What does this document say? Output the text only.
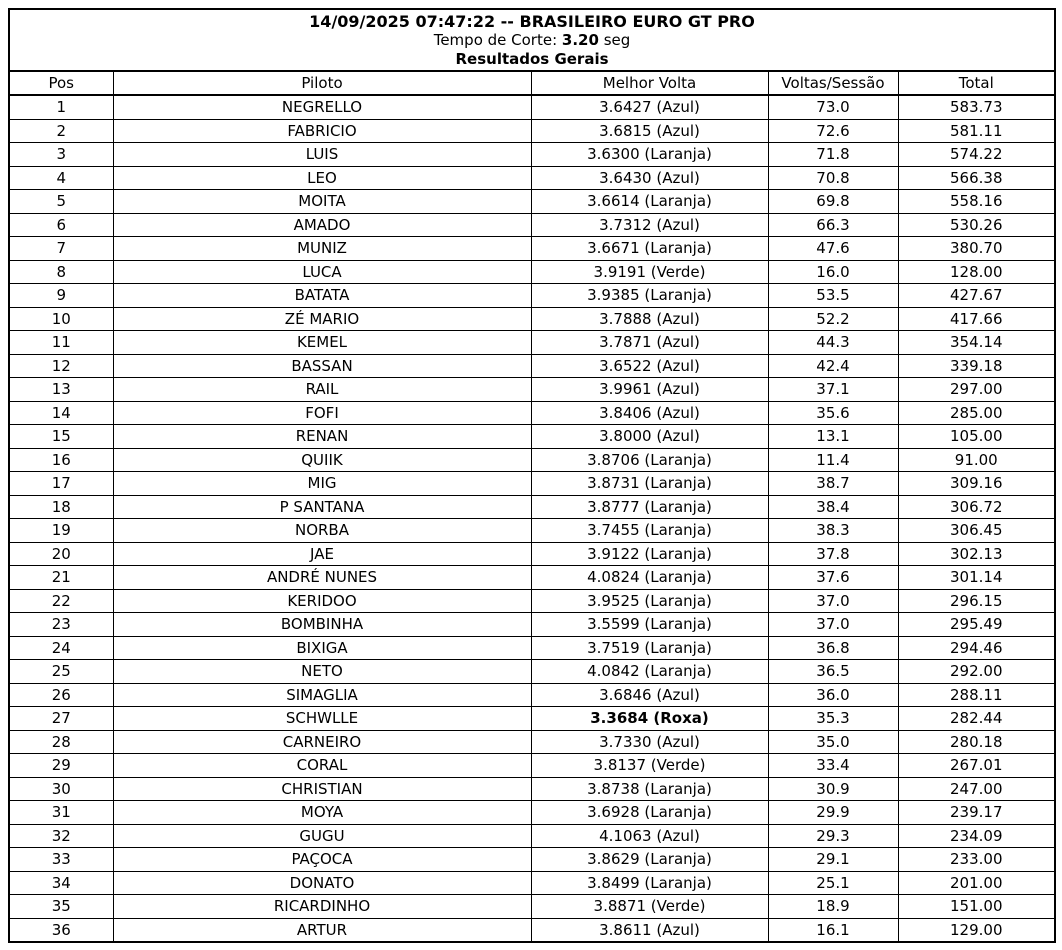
14/09/2025 07:47:22 -- BRASILEIRO EURO GT PRO
Tempo de Corte: 3.20 seg
Resultados Gerais				

Pos	Piloto	Melhor Volta	Voltas/Sessão	Total
1	NEGRELLO	3.6427 (Azul)	73.0	583.73
2	FABRICIO	3.6815 (Azul)	72.6	581.11
3	LUIS	3.6300 (Laranja)	71.8	574.22
4	LEO	3.6430 (Azul)	70.8	566.38
5	MOITA	3.6614 (Laranja)	69.8	558.16
6	AMADO	3.7312 (Azul)	66.3	530.26
7	MUNIZ	3.6671 (Laranja)	47.6	380.70
8	LUCA	3.9191 (Verde)	16.0	128.00
9	BATATA	3.9385 (Laranja)	53.5	427.67
10	ZÉ MARIO	3.7888 (Azul)	52.2	417.66
11	KEMEL	3.7871 (Azul)	44.3	354.14
12	BASSAN	3.6522 (Azul)	42.4	339.18
13	RAIL	3.9961 (Azul)	37.1	297.00
14	FOFI	3.8406 (Azul)	35.6	285.00
15	RENAN	3.8000 (Azul)	13.1	105.00
16	QUIIK	3.8706 (Laranja)	11.4	91.00
17	MIG	3.8731 (Laranja)	38.7	309.16
18	P SANTANA	3.8777 (Laranja)	38.4	306.72
19	NORBA	3.7455 (Laranja)	38.3	306.45
20	JAE	3.9122 (Laranja)	37.8	302.13
21	ANDRÉ NUNES	4.0824 (Laranja)	37.6	301.14
22	KERIDOO	3.9525 (Laranja)	37.0	296.15
23	BOMBINHA	3.5599 (Laranja)	37.0	295.49
24	BIXIGA	3.7519 (Laranja)	36.8	294.46
25	NETO	4.0842 (Laranja)	36.5	292.00
26	SIMAGLIA	3.6846 (Azul)	36.0	288.11
27	SCHWLLE	3.3684 (Roxa)	35.3	282.44
28	CARNEIRO	3.7330 (Azul)	35.0	280.18
29	CORAL	3.8137 (Verde)	33.4	267.01
30	CHRISTIAN	3.8738 (Laranja)	30.9	247.00
31	MOYA	3.6928 (Laranja)	29.9	239.17
32	GUGU	4.1063 (Azul)	29.3	234.09
33	PAÇOCA	3.8629 (Laranja)	29.1	233.00
34	DONATO	3.8499 (Laranja)	25.1	201.00
35	RICARDINHO	3.8871 (Verde)	18.9	151.00
36	ARTUR	3.8611 (Azul)	16.1	129.00
